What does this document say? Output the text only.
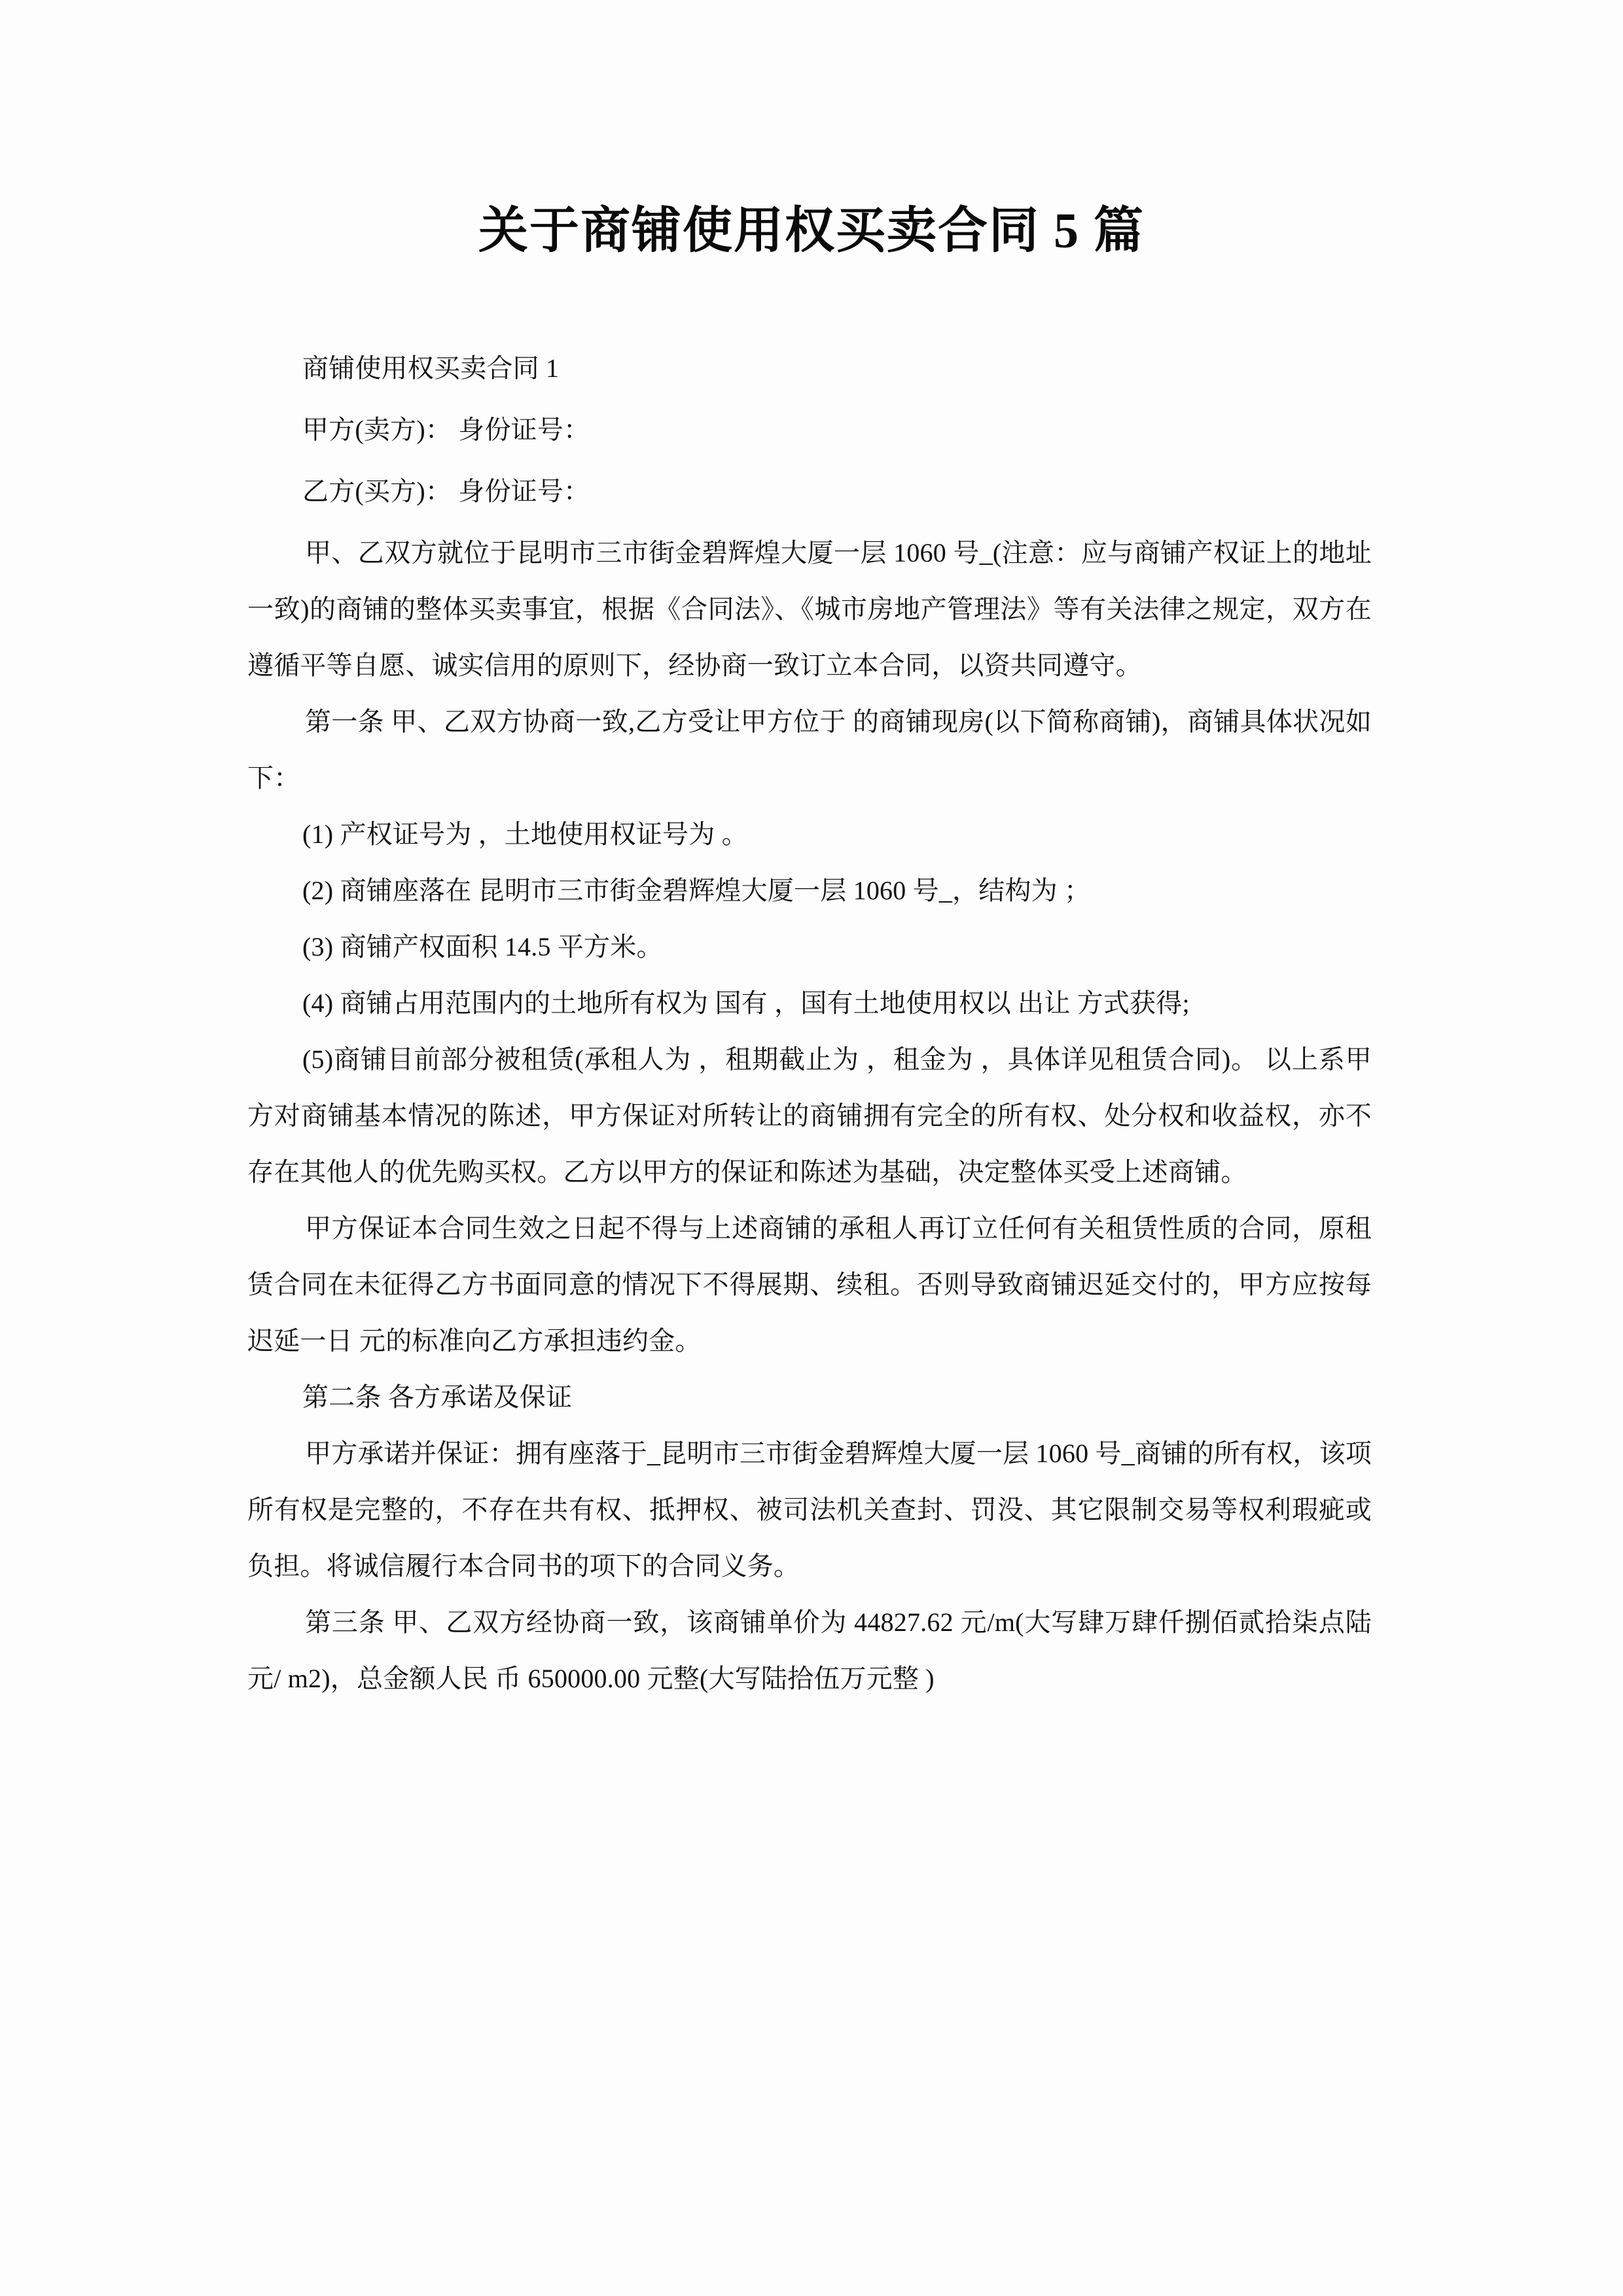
关于商铺使用权买卖合同 5 篇

商铺使用权买卖合同 1

甲方(卖方)： 身份证号：

乙方(买方)： 身份证号：

甲、乙双方就位于昆明市三市街金碧辉煌大厦一层 1060 号_(注意：应与商铺产权证上的地址一致)的商铺的整体买卖事宜，根据《合同法》、《城市房地产管理法》等有关法律之规定，双方在遵循平等自愿、诚实信用的原则下，经协商一致订立本合同，以资共同遵守。

第一条 甲、乙双方协商一致,乙方受让甲方位于 的商铺现房(以下简称商铺)，商铺具体状况如下：

(1) 产权证号为 ，土地使用权证号为 。

(2) 商铺座落在 昆明市三市街金碧辉煌大厦一层 1060 号_，结构为 ；

(3) 商铺产权面积 14.5 平方米。

(4) 商铺占用范围内的土地所有权为 国有 ，国有土地使用权以 出让 方式获得;

(5)商铺目前部分被租赁(承租人为 ，租期截止为 ，租金为 ，具体详见租赁合同)。 以上系甲方对商铺基本情况的陈述，甲方保证对所转让的商铺拥有完全的所有权、处分权和收益权，亦不存在其他人的优先购买权。乙方以甲方的保证和陈述为基础，决定整体买受上述商铺。

甲方保证本合同生效之日起不得与上述商铺的承租人再订立任何有关租赁性质的合同，原租赁合同在未征得乙方书面同意的情况下不得展期、续租。否则导致商铺迟延交付的，甲方应按每迟延一日 元的标准向乙方承担违约金。

第二条 各方承诺及保证

甲方承诺并保证：拥有座落于_昆明市三市街金碧辉煌大厦一层 1060 号_商铺的所有权，该项所有权是完整的，不存在共有权、抵押权、被司法机关查封、罚没、其它限制交易等权利瑕疵或负担。将诚信履行本合同书的项下的合同义务。

第三条 甲、乙双方经协商一致，该商铺单价为 44827.62 元/m(大写肆万肆仟捌佰贰拾柒点陆元/ m2)，总金额人民 币 650000.00 元整(大写陆拾伍万元整 )
